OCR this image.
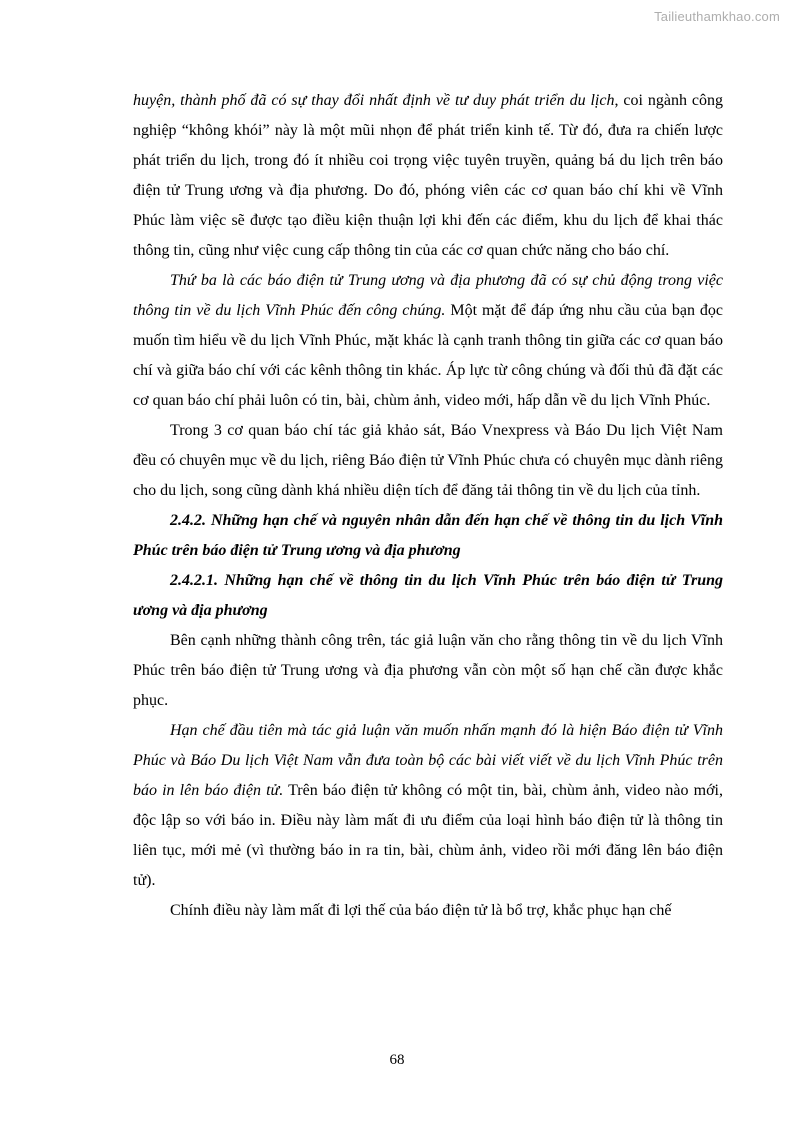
Tailieuthamkhao.com

huyện, thành phố đã có sự thay đổi nhất định về tư duy phát triển du lịch, coi ngành công nghiệp “không khói” này là một mũi nhọn để phát triển kinh tế. Từ đó, đưa ra chiến lược phát triển du lịch, trong đó ít nhiều coi trọng việc tuyên truyền, quảng bá du lịch trên báo điện tử Trung ương và địa phương. Do đó, phóng viên các cơ quan báo chí khi về Vĩnh Phúc làm việc sẽ được tạo điều kiện thuận lợi khi đến các điểm, khu du lịch để khai thác thông tin, cũng như việc cung cấp thông tin của các cơ quan chức năng cho báo chí.

Thứ ba là các báo điện tử Trung ương và địa phương đã có sự chủ động trong việc thông tin về du lịch Vĩnh Phúc đến công chúng. Một mặt để đáp ứng nhu cầu của bạn đọc muốn tìm hiểu về du lịch Vĩnh Phúc, mặt khác là cạnh tranh thông tin giữa các cơ quan báo chí và giữa báo chí với các kênh thông tin khác. Áp lực từ công chúng và đối thủ đã đặt các cơ quan báo chí phải luôn có tin, bài, chùm ảnh, video mới, hấp dẫn về du lịch Vĩnh Phúc.

Trong 3 cơ quan báo chí tác giả khảo sát, Báo Vnexpress và Báo Du lịch Việt Nam đều có chuyên mục về du lịch, riêng Báo điện tử Vĩnh Phúc chưa có chuyên mục dành riêng cho du lịch, song cũng dành khá nhiều diện tích để đăng tải thông tin về du lịch của tỉnh.

2.4.2. Những hạn chế và nguyên nhân dẫn đến hạn chế về thông tin du lịch Vĩnh Phúc trên báo điện tử Trung ương và địa phương

2.4.2.1. Những hạn chế về thông tin du lịch Vĩnh Phúc trên báo điện tử Trung ương và địa phương

Bên cạnh những thành công trên, tác giả luận văn cho rằng thông tin về du lịch Vĩnh Phúc trên báo điện tử Trung ương và địa phương vẫn còn một số hạn chế cần được khắc phục.

Hạn chế đầu tiên mà tác giả luận văn muốn nhấn mạnh đó là hiện Báo điện tử Vĩnh Phúc và Báo Du lịch Việt Nam vẫn đưa toàn bộ các bài viết viết về du lịch Vĩnh Phúc trên báo in lên báo điện tử. Trên báo điện tử không có một tin, bài, chùm ảnh, video nào mới, độc lập so với báo in. Điều này làm mất đi ưu điểm của loại hình báo điện tử là thông tin liên tục, mới mẻ (vì thường báo in ra tin, bài, chùm ảnh, video rồi mới đăng lên báo điện tử).

Chính điều này làm mất đi lợi thế của báo điện tử là bổ trợ, khắc phục hạn chế

68
